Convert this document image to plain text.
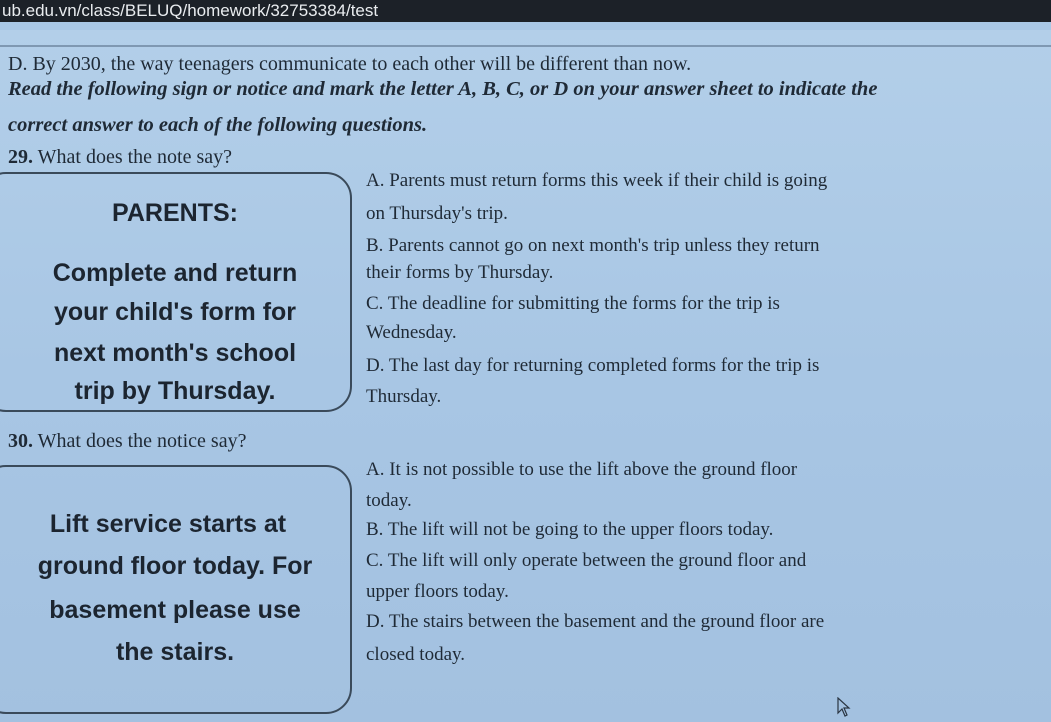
ub.edu.vn/class/BELUQ/homework/32753384/test
D. By 2030, the way teenagers communicate to each other will be different than now.
Read the following sign or notice and mark the letter A, B, C, or D on your answer sheet to indicate the
correct answer to each of the following questions.
29. What does the note say?
PARENTS:
Complete and return
your child's form for
next month's school
trip by Thursday.
A. Parents must return forms this week if their child is going
on Thursday's trip.
B. Parents cannot go on next month's trip unless they return
their forms by Thursday.
C. The deadline for submitting the forms for the trip is
Wednesday.
D. The last day for returning completed forms for the trip is
Thursday.
30. What does the notice say?
Lift service starts at
ground floor today. For
basement please use
the stairs.
A. It is not possible to use the lift above the ground floor
today.
B. The lift will not be going to the upper floors today.
C. The lift will only operate between the ground floor and
upper floors today.
D. The stairs between the basement and the ground floor are
closed today.
